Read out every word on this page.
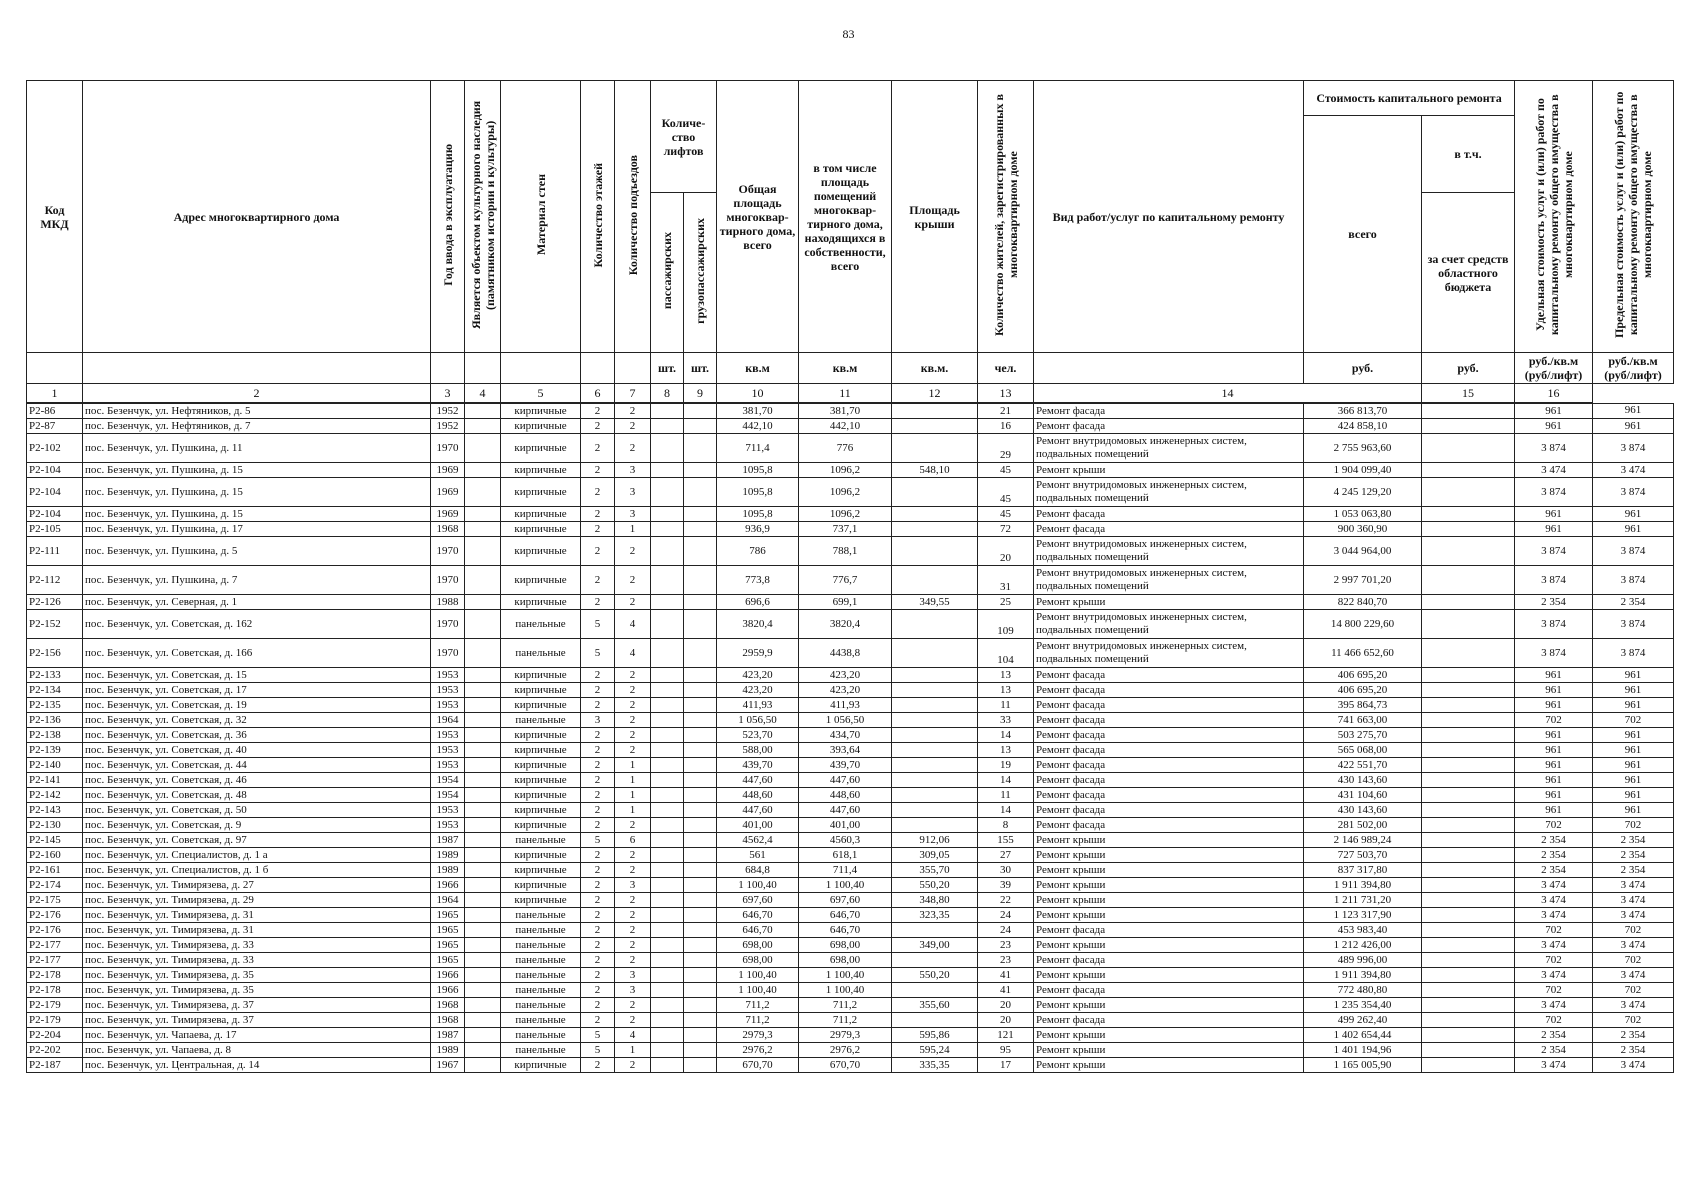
83
Код МКД	Адрес многоквартирного дома	Год ввода в эксплуатацию	Является объектом культурного наследия (памятником истории и культуры)	Материал стен	Количество этажей	Количество подъездов	Количе-ство лифтов		Общая площадь многоквар-тирного дома, всего	в том числе площадь помещений многоквар-тирного дома, находящихся в собственности, всего	Площадь крыши	Количество жителей, зарегистрированных в многоквартирном доме	Вид работ/услуг по капитальному ремонту	Стоимость капитального ремонта		Удельная стоимость услуг и (или) работ по капитальному ремонту общего имущества в многоквартирном доме	Предельная стоимость услуг и (или) работ по капитальному ремонту общего имущества в многоквартирном доме
														всего	в т.ч.		
							пассажирских	грузопассажирских							за счет средств областного бюджета		
							шт.	шт.	кв.м	кв.м	кв.м.	чел.		руб.	руб.	руб./кв.м (руб/лифт)	руб./кв.м (руб/лифт)
1	2	3	4	5	6	7	8	9	10	11	12	13	14		15	16	
Р2-86	пос. Безенчук, ул. Нефтяников, д. 5	1952		кирпичные	2	2			381,70	381,70		21	Ремонт фасада	366 813,70		961	961
Р2-87	пос. Безенчук, ул. Нефтяников, д. 7	1952		кирпичные	2	2			442,10	442,10		16	Ремонт фасада	424 858,10		961	961
Р2-102	пос. Безенчук, ул. Пушкина, д. 11	1970		кирпичные	2	2			711,4	776		29	Ремонт внутридомовых инженерных систем, подвальных помещений	2 755 963,60		3 874	3 874
Р2-104	пос. Безенчук, ул. Пушкина, д. 15	1969		кирпичные	2	3			1095,8	1096,2	548,10	45	Ремонт крыши	1 904 099,40		3 474	3 474
Р2-104	пос. Безенчук, ул. Пушкина, д. 15	1969		кирпичные	2	3			1095,8	1096,2		45	Ремонт внутридомовых инженерных систем, подвальных помещений	4 245 129,20		3 874	3 874
Р2-104	пос. Безенчук, ул. Пушкина, д. 15	1969		кирпичные	2	3			1095,8	1096,2		45	Ремонт фасада	1 053 063,80		961	961
Р2-105	пос. Безенчук, ул. Пушкина, д. 17	1968		кирпичные	2	1			936,9	737,1		72	Ремонт фасада	900 360,90		961	961
Р2-111	пос. Безенчук, ул. Пушкина, д. 5	1970		кирпичные	2	2			786	788,1		20	Ремонт внутридомовых инженерных систем, подвальных помещений	3 044 964,00		3 874	3 874
Р2-112	пос. Безенчук, ул. Пушкина, д. 7	1970		кирпичные	2	2			773,8	776,7		31	Ремонт внутридомовых инженерных систем, подвальных помещений	2 997 701,20		3 874	3 874
Р2-126	пос. Безенчук, ул. Северная, д. 1	1988		кирпичные	2	2			696,6	699,1	349,55	25	Ремонт крыши	822 840,70		2 354	2 354
Р2-152	пос. Безенчук, ул. Советская, д. 162	1970		панельные	5	4			3820,4	3820,4		109	Ремонт внутридомовых инженерных систем, подвальных помещений	14 800 229,60		3 874	3 874
Р2-156	пос. Безенчук, ул. Советская, д. 166	1970		панельные	5	4			2959,9	4438,8		104	Ремонт внутридомовых инженерных систем, подвальных помещений	11 466 652,60		3 874	3 874
Р2-133	пос. Безенчук, ул. Советская, д. 15	1953		кирпичные	2	2			423,20	423,20		13	Ремонт фасада	406 695,20		961	961
Р2-134	пос. Безенчук, ул. Советская, д. 17	1953		кирпичные	2	2			423,20	423,20		13	Ремонт фасада	406 695,20		961	961
Р2-135	пос. Безенчук, ул. Советская, д. 19	1953		кирпичные	2	2			411,93	411,93		11	Ремонт фасада	395 864,73		961	961
Р2-136	пос. Безенчук, ул. Советская, д. 32	1964		панельные	3	2			1 056,50	1 056,50		33	Ремонт фасада	741 663,00		702	702
Р2-138	пос. Безенчук, ул. Советская, д. 36	1953		кирпичные	2	2			523,70	434,70		14	Ремонт фасада	503 275,70		961	961
Р2-139	пос. Безенчук, ул. Советская, д. 40	1953		кирпичные	2	2			588,00	393,64		13	Ремонт фасада	565 068,00		961	961
Р2-140	пос. Безенчук, ул. Советская, д. 44	1953		кирпичные	2	1			439,70	439,70		19	Ремонт фасада	422 551,70		961	961
Р2-141	пос. Безенчук, ул. Советская, д. 46	1954		кирпичные	2	1			447,60	447,60		14	Ремонт фасада	430 143,60		961	961
Р2-142	пос. Безенчук, ул. Советская, д. 48	1954		кирпичные	2	1			448,60	448,60		11	Ремонт фасада	431 104,60		961	961
Р2-143	пос. Безенчук, ул. Советская, д. 50	1953		кирпичные	2	1			447,60	447,60		14	Ремонт фасада	430 143,60		961	961
Р2-130	пос. Безенчук, ул. Советская, д. 9	1953		кирпичные	2	2			401,00	401,00		8	Ремонт фасада	281 502,00		702	702
Р2-145	пос. Безенчук, ул. Советская, д. 97	1987		панельные	5	6			4562,4	4560,3	912,06	155	Ремонт крыши	2 146 989,24		2 354	2 354
Р2-160	пос. Безенчук, ул. Специалистов, д. 1 а	1989		кирпичные	2	2			561	618,1	309,05	27	Ремонт крыши	727 503,70		2 354	2 354
Р2-161	пос. Безенчук, ул. Специалистов, д. 1 б	1989		кирпичные	2	2			684,8	711,4	355,70	30	Ремонт крыши	837 317,80		2 354	2 354
Р2-174	пос. Безенчук, ул. Тимирязева, д. 27	1966		кирпичные	2	3			1 100,40	1 100,40	550,20	39	Ремонт крыши	1 911 394,80		3 474	3 474
Р2-175	пос. Безенчук, ул. Тимирязева, д. 29	1964		кирпичные	2	2			697,60	697,60	348,80	22	Ремонт крыши	1 211 731,20		3 474	3 474
Р2-176	пос. Безенчук, ул. Тимирязева, д. 31	1965		панельные	2	2			646,70	646,70	323,35	24	Ремонт крыши	1 123 317,90		3 474	3 474
Р2-176	пос. Безенчук, ул. Тимирязева, д. 31	1965		панельные	2	2			646,70	646,70		24	Ремонт фасада	453 983,40		702	702
Р2-177	пос. Безенчук, ул. Тимирязева, д. 33	1965		панельные	2	2			698,00	698,00	349,00	23	Ремонт крыши	1 212 426,00		3 474	3 474
Р2-177	пос. Безенчук, ул. Тимирязева, д. 33	1965		панельные	2	2			698,00	698,00		23	Ремонт фасада	489 996,00		702	702
Р2-178	пос. Безенчук, ул. Тимирязева, д. 35	1966		панельные	2	3			1 100,40	1 100,40	550,20	41	Ремонт крыши	1 911 394,80		3 474	3 474
Р2-178	пос. Безенчук, ул. Тимирязева, д. 35	1966		панельные	2	3			1 100,40	1 100,40		41	Ремонт фасада	772 480,80		702	702
Р2-179	пос. Безенчук, ул. Тимирязева, д. 37	1968		панельные	2	2			711,2	711,2	355,60	20	Ремонт крыши	1 235 354,40		3 474	3 474
Р2-179	пос. Безенчук, ул. Тимирязева, д. 37	1968		панельные	2	2			711,2	711,2		20	Ремонт фасада	499 262,40		702	702
Р2-204	пос. Безенчук, ул. Чапаева, д. 17	1987		панельные	5	4			2979,3	2979,3	595,86	121	Ремонт крыши	1 402 654,44		2 354	2 354
Р2-202	пос. Безенчук, ул. Чапаева, д. 8	1989		панельные	5	1			2976,2	2976,2	595,24	95	Ремонт крыши	1 401 194,96		2 354	2 354
Р2-187	пос. Безенчук, ул. Центральная, д. 14	1967		кирпичные	2	2			670,70	670,70	335,35	17	Ремонт крыши	1 165 005,90		3 474	3 474
